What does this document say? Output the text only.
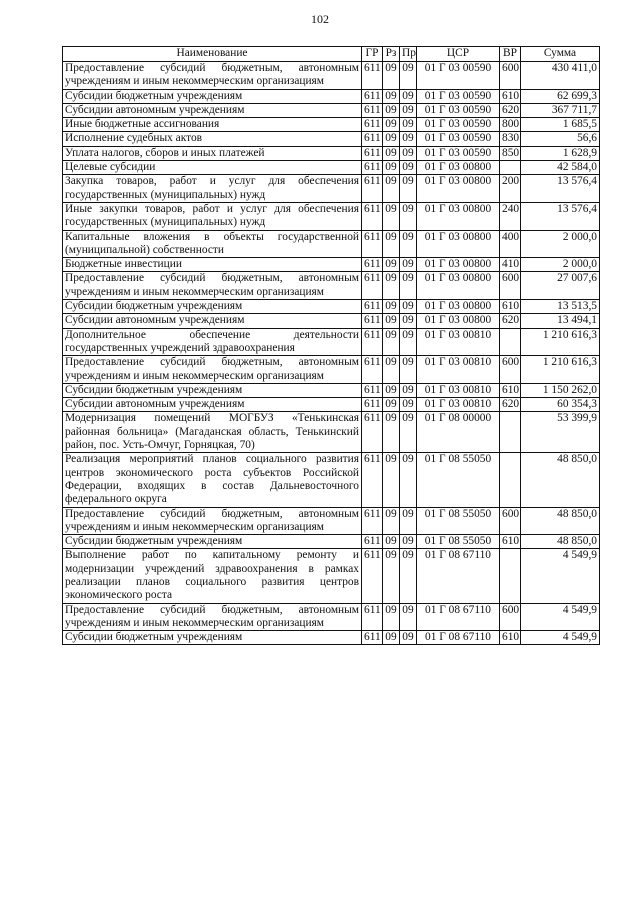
102
Наименование	ГР	Рз	Пр	ЦСР	ВР	Сумма
Предоставление субсидий бюджетным, автономным учреждениям и иным некоммерческим организациям	611	09	09	01 Г 03 00590	600	430 411,0
Субсидии бюджетным учреждениям	611	09	09	01 Г 03 00590	610	62 699,3
Субсидии автономным учреждениям	611	09	09	01 Г 03 00590	620	367 711,7
Иные бюджетные ассигнования	611	09	09	01 Г 03 00590	800	1 685,5
Исполнение судебных актов	611	09	09	01 Г 03 00590	830	56,6
Уплата налогов, сборов и иных платежей	611	09	09	01 Г 03 00590	850	1 628,9
Целевые субсидии	611	09	09	01 Г 03 00800		42 584,0
Закупка товаров, работ и услуг для обеспечения государственных (муниципальных) нужд	611	09	09	01 Г 03 00800	200	13 576,4
Иные закупки товаров, работ и услуг для обеспечения государственных (муниципальных) нужд	611	09	09	01 Г 03 00800	240	13 576,4
Капитальные вложения в объекты государственной (муниципальной) собственности	611	09	09	01 Г 03 00800	400	2 000,0
Бюджетные инвестиции	611	09	09	01 Г 03 00800	410	2 000,0
Предоставление субсидий бюджетным, автономным учреждениям и иным некоммерческим организациям	611	09	09	01 Г 03 00800	600	27 007,6
Субсидии бюджетным учреждениям	611	09	09	01 Г 03 00800	610	13 513,5
Субсидии автономным учреждениям	611	09	09	01 Г 03 00800	620	13 494,1
Дополнительное обеспечение деятельности государственных учреждений здравоохранения	611	09	09	01 Г 03 00810		1 210 616,3
Предоставление субсидий бюджетным, автономным учреждениям и иным некоммерческим организациям	611	09	09	01 Г 03 00810	600	1 210 616,3
Субсидии бюджетным учреждениям	611	09	09	01 Г 03 00810	610	1 150 262,0
Субсидии автономным учреждениям	611	09	09	01 Г 03 00810	620	60 354,3
Модернизация помещений МОГБУЗ «Тенькинская районная больница» (Магаданская область, Тенькинский район, пос. Усть-Омчуг, Горняцкая, 70)	611	09	09	01 Г 08 00000		53 399,9
Реализация мероприятий планов социального развития центров экономического роста субъектов Российской Федерации, входящих в состав Дальневосточного федерального округа	611	09	09	01 Г 08 55050		48 850,0
Предоставление субсидий бюджетным, автономным учреждениям и иным некоммерческим организациям	611	09	09	01 Г 08 55050	600	48 850,0
Субсидии бюджетным учреждениям	611	09	09	01 Г 08 55050	610	48 850,0
Выполнение работ по капитальному ремонту и модернизации учреждений здравоохранения в рамках реализации планов социального развития центров экономического роста	611	09	09	01 Г 08 67110		4 549,9
Предоставление субсидий бюджетным, автономным учреждениям и иным некоммерческим организациям	611	09	09	01 Г 08 67110	600	4 549,9
Субсидии бюджетным учреждениям	611	09	09	01 Г 08 67110	610	4 549,9
